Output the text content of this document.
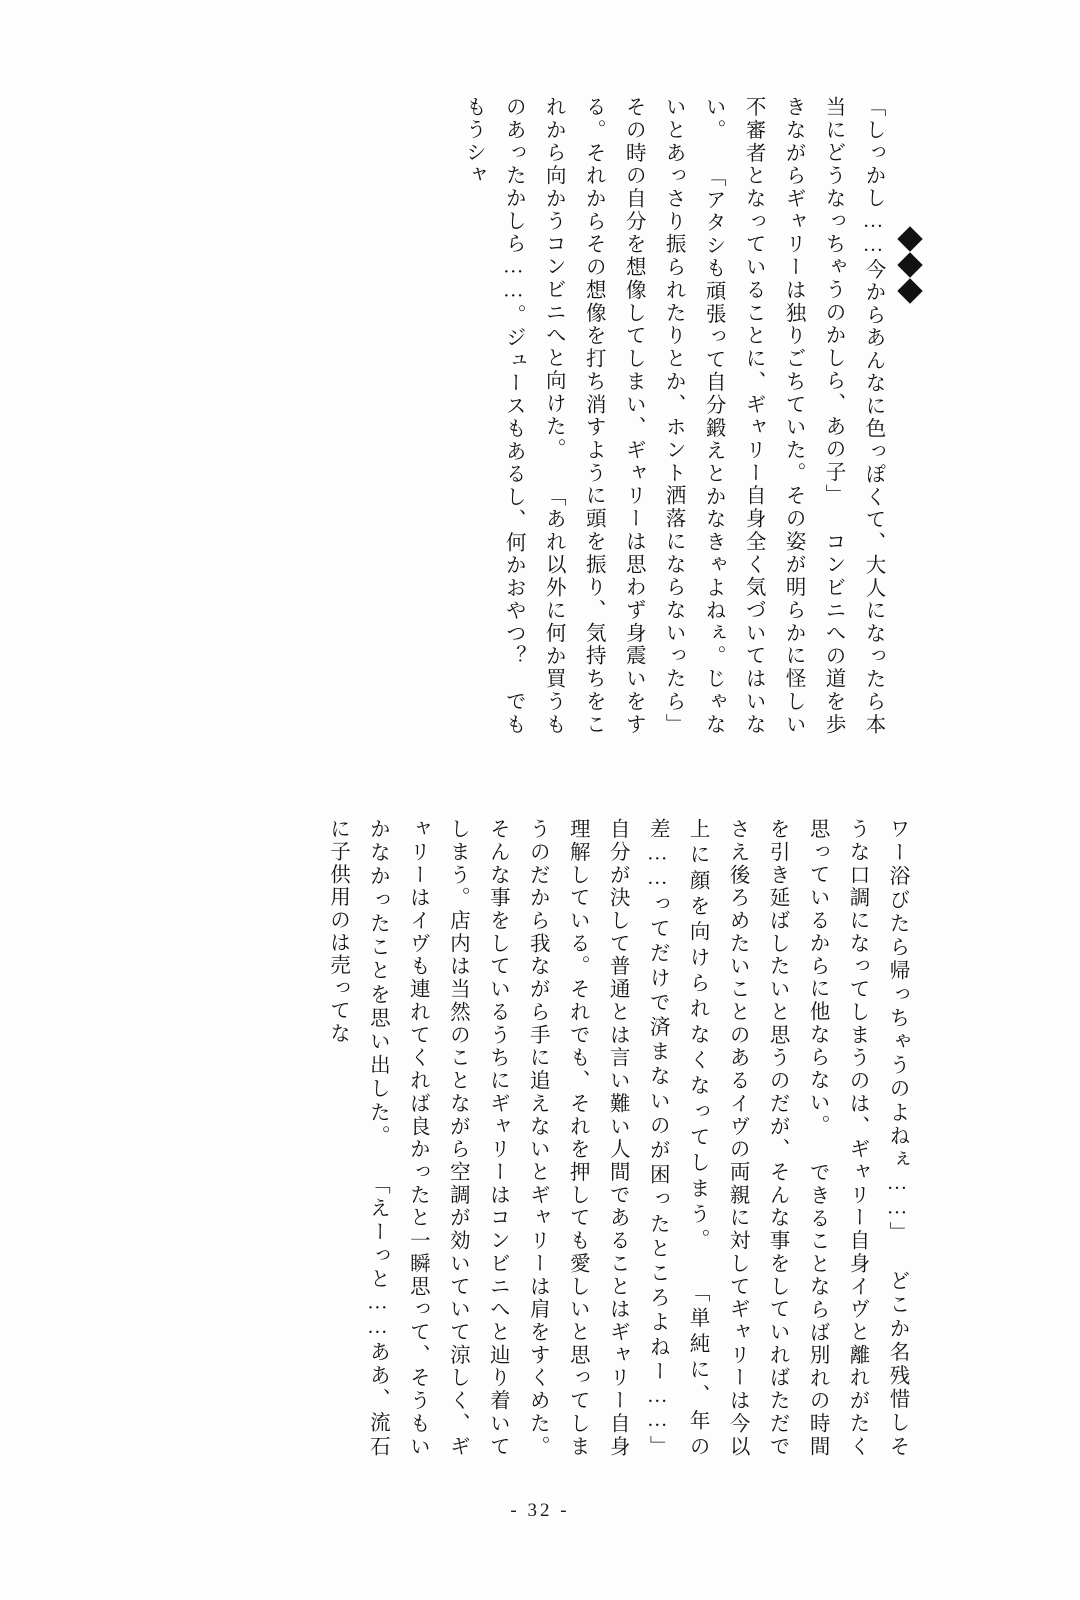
「しっかし……今からあんなに色っぽくて、大人になったら本当にどうなっちゃうのかしら、あの子」 コンビニへの道を歩きながらギャリーは独りごちていた。その姿が明らかに怪しい不審者となっていることに、ギャリー自身全く気づいてはいない。 「アタシも頑張って自分鍛えとかなきゃよねぇ。じゃないとあっさり振られたりとか、ホント洒落にならないったら」 その時の自分を想像してしまい、ギャリーは思わず身震いをする。それからその想像を打ち消すように頭を振り、気持ちをこれから向かうコンビニへと向けた。 「あれ以外に何か買うものあったかしら……。ジュースもあるし、何かおやつ？　でももうシャ

ワー浴びたら帰っちゃうのよねぇ……」 どこか名残惜しそうな口調になってしまうのは、ギャリー自身イヴと離れがたく思っているからに他ならない。 できることならば別れの時間を引き延ばしたいと思うのだが、そんな事をしていればただでさえ後ろめたいことのあるイヴの両親に対してギャリーは今以上に顔を向けられなくなってしまう。 「単純に、年の差……ってだけで済まないのが困ったところよねー……」 自分が決して普通とは言い難い人間であることはギャリー自身理解している。それでも、それを押しても愛しいと思ってしまうのだから我ながら手に追えないとギャリーは肩をすくめた。 そんな事をしているうちにギャリーはコンビニへと辿り着いてしまう。店内は当然のことながら空調が効いていて涼しく、ギャリーはイヴも連れてくれば良かったと一瞬思って、そうもいかなかったことを思い出した。 「えーっと……ああ、流石に子供用のは売ってな

- 32 -
